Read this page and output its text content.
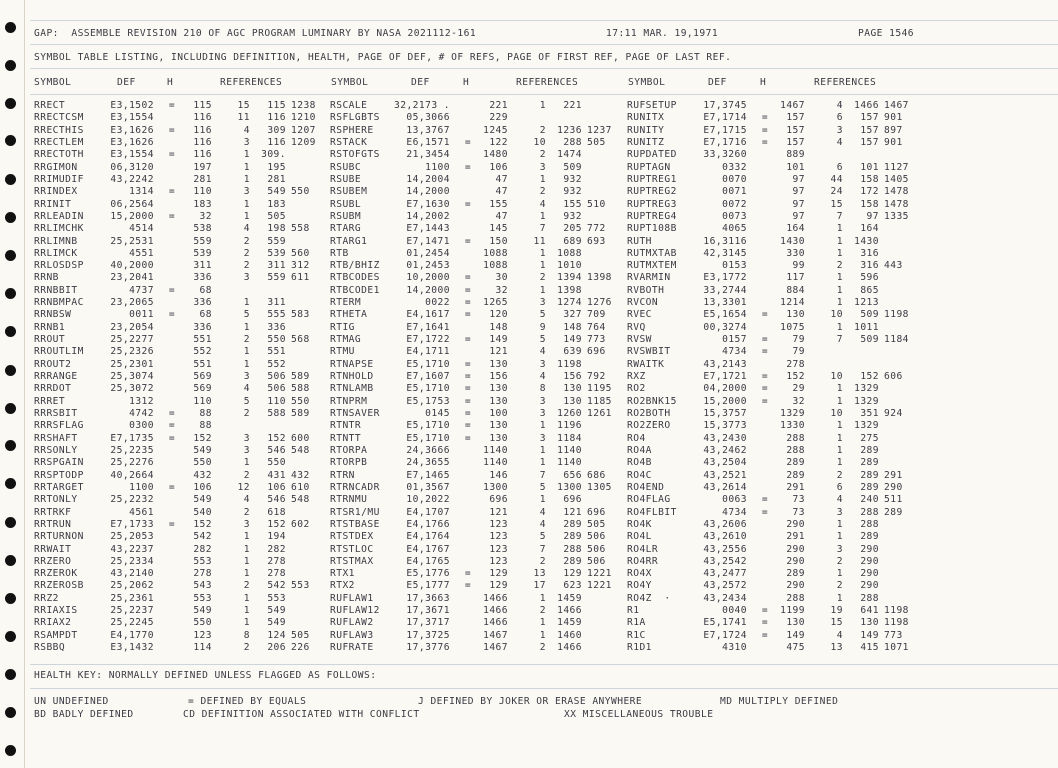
GAP:  ASSEMBLE REVISION 210 OF AGC PROGRAM LUMINARY BY NASA 2021112-161	17:11 MAR. 19,1971	PAGE 1546
SYMBOL TABLE LISTING, INCLUDING DEFINITION, HEALTH, PAGE OF DEF, # OF REFS, PAGE OF FIRST REF, PAGE OF LAST REF.
SYMBOL	DEF	H	REFERENCES	SYMBOL	DEF	H	REFERENCES	SYMBOL	DEF	H	REFERENCES
RRECT	E3,1502 =	115	15	115 1238
RRECTCSM	E3,1554	116	11	116 1210
RRECTHIS	E3,1626 =	116	4	309 1207
RRECTLEM	E3,1626	116	3	116 1209
RRECTOTH	E3,1554 =	116	1	309.
RRGIMON	06,3120	197	1	195
RRIMUDIF	43,2242	281	1	281
RRINDEX	1314 =	110	3	549 550
RRINIT	06,2564	183	1	183
RRLEADIN	15,2000 =	32	1	505
RRLIMCHK	4514	538	4	198 558
RRLIMNB	25,2531	559	2	559
RRLIMCK	4551	539	2	539 560
RRLOSDSP	40,2000	311	2	311 312
RRNB	23,2041	336	3	559 611
RRNBBIT	4737 =	68
RRNBMPAC	23,2065	336	1	311
RRNBSW	0011 =	68	5	555 583
RRNB1	23,2054	336	1	336
RROUT	25,2277	551	2	550 568
RROUTLIM	25,2326	552	1	551
RROUT2	25,2301	551	1	552
RRRANGE	25,3074	569	3	506 589
RRRDOT	25,3072	569	4	506 588
RRRET	1312	110	5	110 550
RRRSBIT	4742 =	88	2	588 589
RRRSFLAG	0300 =	88
RRSHAFT	E7,1735 =	152	3	152 600
RRSONLY	25,2235	549	3	546 548
RRSPGAIN	25,2276	550	1	550
RRSPTODP	40,2664	432	2	431 432
RRTARGET	1100 =	106	12	106 610
RRTONLY	25,2232	549	4	546 548
RRTRKF	4561	540	2	618
RRTRUN	E7,1733 =	152	3	152 602
RRTURNON	25,2053	542	1	194
RRWAIT	43,2237	282	1	282
RRZERO	25,2334	553	1	278
RRZEROK	43,2140	278	1	278
RRZEROSB	25,2062	543	2	542 553
RRZ2	25,2361	553	1	553
RRIAXIS	25,2237	549	1	549
RRIAX2	25,2245	550	1	549
RSAMPDT	E4,1770	123	8	124 505
RSBBQ	E3,1432	114	2	206 226
RSCALE	32,2173 .	221	1	221
RSFLGBTS	05,3066	229
RSPHERE	13,3767	1245	2	1236 1237
RSTACK	E6,1571 =	122	10	288 505
RSTOFGTS	21,3454	1480	2	1474
RSUBC	1100 =	106	3	509
RSUBE	14,2004	47	1	932
RSUBEM	14,2000	47	2	932
RSUBL	E7,1630 =	155	4	155 510
RSUBM	14,2002	47	1	932
RTARG	E7,1443	145	7	205 772
RTARG1	E7,1471 =	150	11	689 693
RTB	01,2454	1088	1	1088
RTB/BHIZ	01,2453	1088	1	1010
RTBCODES	10,2000 =	30	2	1394 1398
RTBCODE1	14,2000 =	32	1	1398
RTERM	0022 =	1265	3	1274 1276
RTHETA	E4,1617 =	120	5	327 709
RTIG	E7,1641	148	9	148 764
RTMAG	E7,1722 =	149	5	149 773
RTMU	E4,1711	121	4	639 696
RTNAPSE	E5,1710 =	130	3	1198
RTNHOLD	E7,1607 =	156	4	156 792
RTNLAMB	E5,1710 =	130	8	130 1195
RTNPRM	E5,1753 =	130	3	130 1185
RTNSAVER	0145 =	100	3	1260 1261
RTNTR	E5,1710 =	130	1	1196
RTNTT	E5,1710 =	130	3	1184
RTORPA	24,3666	1140	1	1140
RTORPB	24,3655	1140	1	1140
RTRN	E7,1465	146	7	656 686
RTRNCADR	01,3567	1300	5	1300 1305
RTRNMU	10,2022	696	1	696
RTSR1/MU	E4,1707	121	4	121 696
RTSTBASE	E4,1766	123	4	289 505
RTSTDEX	E4,1764	123	5	289 506
RTSTLOC	E4,1767	123	7	288 506
RTSTMAX	E4,1765	123	2	289 506
RTX1	E5,1776 =	129	13	129 1221
RTX2	E5,1777 =	129	17	623 1221
RUFLAW1	17,3663	1466	1	1459
RUFLAW12	17,3671	1466	2	1466
RUFLAW2	17,3717	1466	1	1459
RUFLAW3	17,3725	1467	1	1460
RUFRATE	17,3776	1467	2	1466
RUFSETUP	17,3745	1467	4	1466 1467
RUNITX	E7,1714 =	157	6	157 901
RUNITY	E7,1715 =	157	3	157 897
RUNITZ	E7,1716 =	157	4	157 901
RUPDATED	33,3260	889
RUPTAGN	0332	101	6	101 1127
RUPTREG1	0070	97	44	158 1405
RUPTREG2	0071	97	24	172 1478
RUPTREG3	0072	97	15	158 1478
RUPTREG4	0073	97	7	97 1335
RUPT108B	4065	164	1	164
RUTH	16,3116	1430	1	1430
RUTMXTAB	42,3145	330	1	316
RUTMXTEM	0153	99	2	316 443
RVARMIN	E3,1772	117	1	596
RVBOTH	33,2744	884	1	865
RVCON	13,3301	1214	1	1213
RVEC	E5,1654 =	130	10	509 1198
RVQ	00,3274	1075	1	1011
RVSW	0157 =	79	7	509 1184
RVSWBIT	4734 =	79
RWAITK	43,2143	278
RXZ	E7,1721 =	152	10	152 606
RO2	04,2000 =	29	1	1329
RO2BNK15	15,2000 =	32	1	1329
RO2BOTH	15,3757	1329	10	351 924
RO2ZERO	15,3773	1330	1	1329
RO4	43,2430	288	1	275
RO4A	43,2462	288	1	289
RO4B	43,2504	289	1	289
RO4C	43,2521	289	2	289 291
RO4END	43,2614	291	6	289 290
RO4FLAG	0063 =	73	4	240 511
RO4FLBIT	4734 =	73	3	288 289
RO4K	43,2606	290	1	288
RO4L	43,2610	291	1	289
RO4LR	43,2556	290	3	290
RO4RR	43,2542	290	2	290
RO4X	43,2477	289	1	290
RO4Y	43,2572	290	2	290
RO4Z  ·	43,2434	288	1	288
R1	0040 =	1199	19	641 1198
R1A	E5,1741 =	130	15	130 1198
R1C	E7,1724 =	149	4	149 773
R1D1	4310	475	13	415 1071
HEALTH KEY: NORMALLY DEFINED UNLESS FLAGGED AS FOLLOWS:
UN UNDEFINED	= DEFINED BY EQUALS	J DEFINED BY JOKER OR ERASE ANYWHERE	MD MULTIPLY DEFINED
BD BADLY DEFINED	CD DEFINITION ASSOCIATED WITH CONFLICT	XX MISCELLANEOUS TROUBLE
